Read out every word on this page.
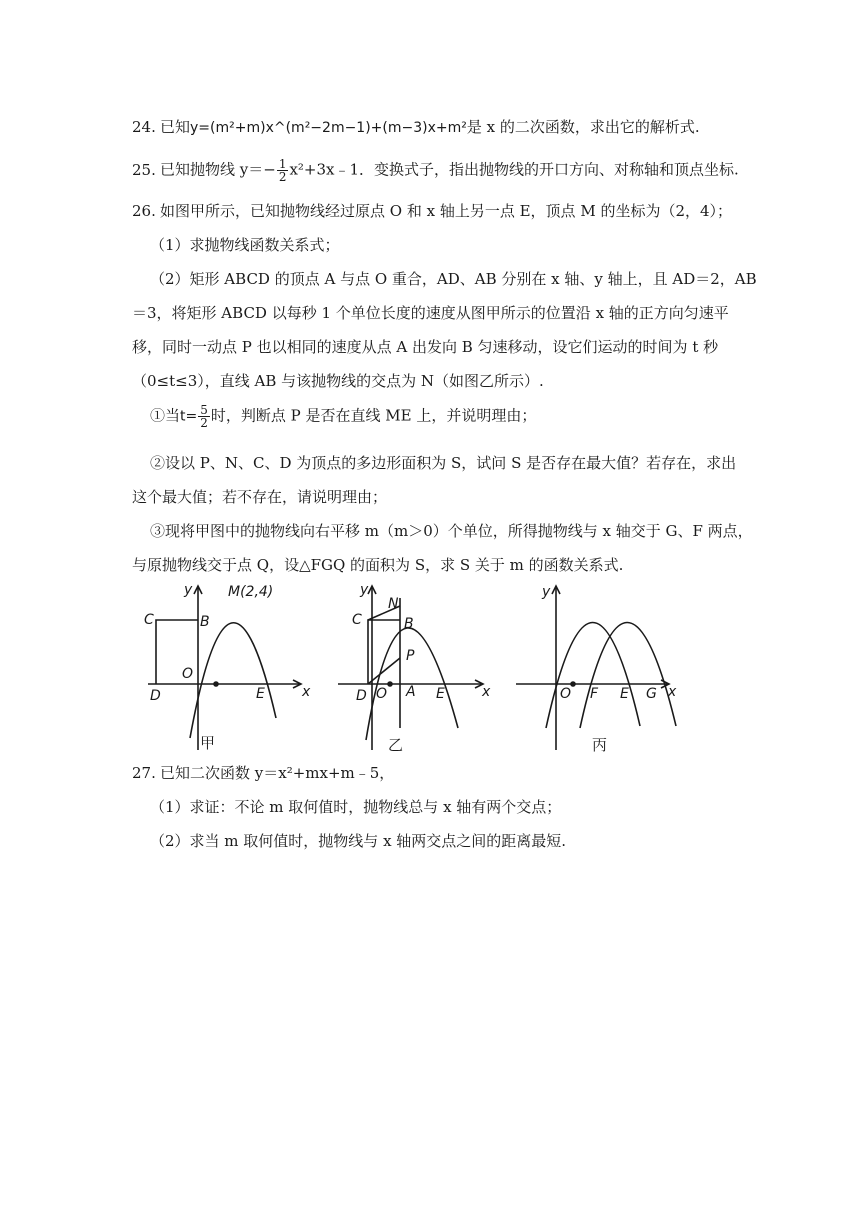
24. 已知y=(m²+m)x^(m²−2m−1)+(m−3)x+m²是 x 的二次函数，求出它的解析式.
25. 已知抛物线 $y=- \frac{1}{2}$ x²+3x﹣1．变换式子，指出抛物线的开口方向、对称轴和顶点坐标.
26. 如图甲所示，已知抛物线经过原点 O 和 x 轴上另一点 E，顶点 M 的坐标为（2，4）；
（1）求抛物线函数关系式；
（2）矩形 ABCD 的顶点 A 与点 O 重合，AD、AB 分别在 x 轴、y 轴上，且 AD＝2，AB
＝3，将矩形 ABCD 以每秒 1 个单位长度的速度从图甲所示的位置沿 x 轴的正方向匀速平
移，同时一动点 P 也以相同的速度从点 A 出发向 B 匀速移动，设它们运动的时间为 t 秒
（0≤t≤3），直线 AB 与该抛物线的交点为 N（如图乙所示）.
①当$t= \frac{5}{2}$ 时，判断点 P 是否在直线 ME 上，并说明理由；
②设以 P、N、C、D 为顶点的多边形面积为 S，试问 S 是否存在最大值？若存在，求出
这个最大值；若不存在，请说明理由；
③现将甲图中的抛物线向右平移 m（m＞0）个单位，所得抛物线与 x 轴交于 G、F 两点，
与原抛物线交于点 Q，设△FGQ 的面积为 S，求 S 关于 m 的函数关系式.
y
x
M(2,4)
C	B
O
D	E
y
x
N
C	B
P
D O A E
y
x
O F E G
甲	乙	丙
27. 已知二次函数 y＝x²+mx+m﹣5，
（1）求证：不论 m 取何值时，抛物线总与 x 轴有两个交点；
（2）求当 m 取何值时，抛物线与 x 轴两交点之间的距离最短.
